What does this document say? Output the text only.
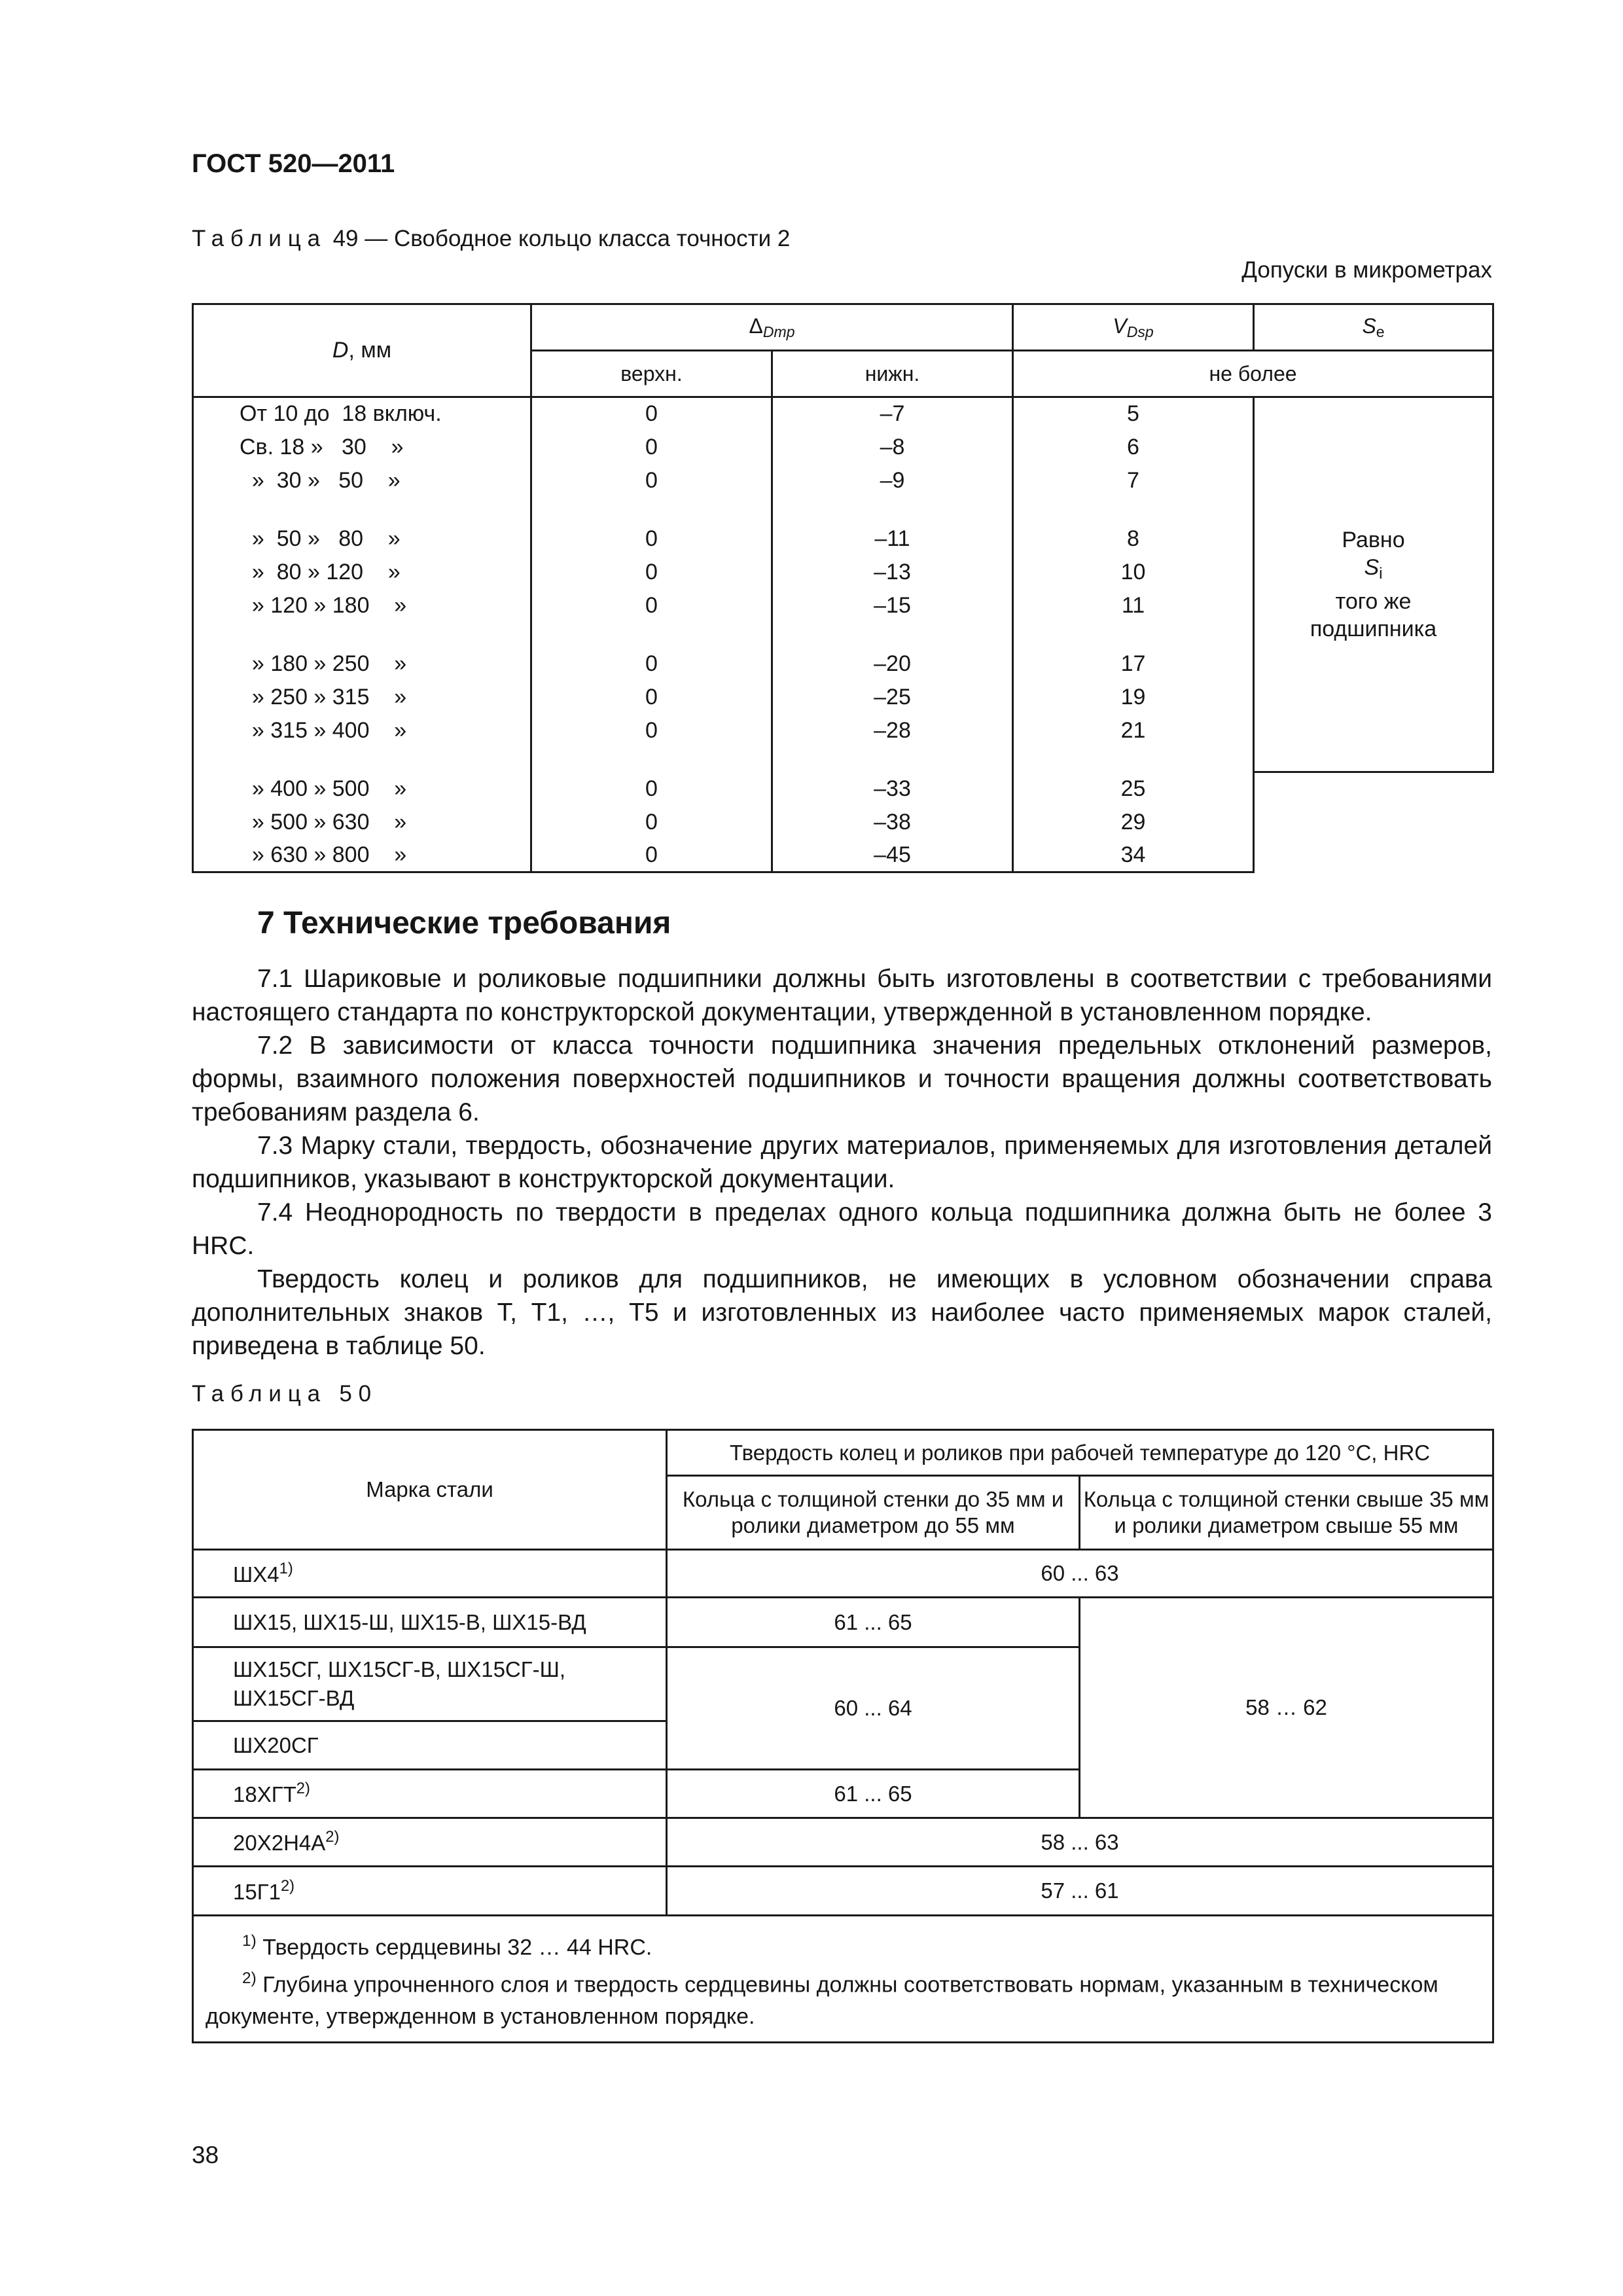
ГОСТ 520—2011
Таблица 49 — Свободное кольцо класса точности 2
Допуски в микрометрах
D, мм	$\Delta_{Dmp}$		$V_{Dsp}$	$S_e$
	верхн.	нижн.	не более	
От 10 до  18 включ.	0	–7	5	Равно
$S_i$
того же
подшипника

Св. 18 »   30    »	0	–8	6	
»  30 »   50    »	0	–9	7	

»  50 »   80    »	0	–11	8	
»  80 » 120    »	0	–13	10	
» 120 » 180    »	0	–15	11	

» 180 » 250    »	0	–20	17	
» 250 » 315    »	0	–25	19	
» 315 » 400    »	0	–28	21	

» 400 » 500    »	0	–33	25	
» 500 » 630    »	0	–38	29	
» 630 » 800    »	0	–45	34	
7 Технические требования
7.1 Шариковые и роликовые подшипники должны быть изготовлены в соответствии с требованиями настоящего стандарта по конструкторской документации, утвержденной в установленном порядке.
7.2 В зависимости от класса точности подшипника значения предельных отклонений размеров, формы, взаимного положения поверхностей подшипников и точности вращения должны соответствовать требованиям раздела 6.
7.3 Марку стали, твердость, обозначение других материалов, применяемых для изготовления деталей подшипников, указывают в конструкторской документации.
7.4 Неоднородность по твердости в пределах одного кольца подшипника должна быть не более 3 HRC.
Твердость колец и роликов для подшипников, не имеющих в условном обозначении справа дополнительных знаков Т, Т1, …, Т5 и изготовленных из наиболее часто применяемых марок сталей, приведена в таблице 50.
Таблица 50
Марка стали	Твердость колец и роликов при рабочей температуре до 120 °С, HRC	
	Кольца с толщиной стенки до 35 мм и
ролики диаметром до 55 мм	Кольца с толщиной стенки свыше 35 мм
и ролики диаметром свыше 55 мм
ШХ4$^{1)}$	60 ... 63	
ШХ15, ШХ15-Ш, ШХ15-В, ШХ15-ВД	61 ... 65	58 … 62
ШХ15СГ, ШХ15СГ-В, ШХ15СГ-Ш,
ШХ15СГ-ВД	60 ... 64	
ШХ20СГ		
18ХГТ$^{2)}$	61 ... 65	
$20Х2Н4А^{2)}$	58 ... 63	
15Г1$^{2)}$	57 ... 61	

$^{1)}$ Твердость сердцевины 32 … 44 HRC.
$^{2)}$ Глубина упрочненного слоя и твердость сердцевины должны соответствовать нормам, указанным в техническом документе, утвержденном в установленном порядке.		
38
